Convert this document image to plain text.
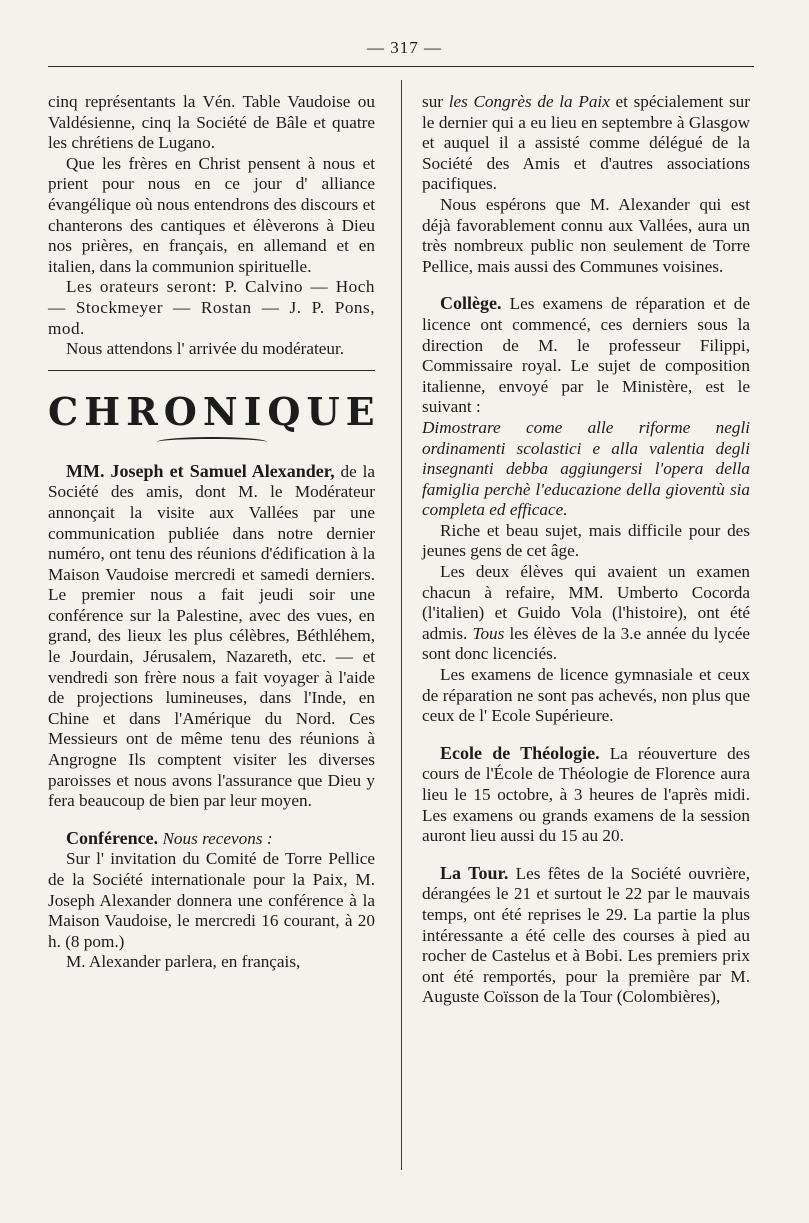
— 317 —

cinq représentants la Vén. Table Vaudoise ou Valdésienne, cinq la Société de Bâle et quatre les chrétiens de Lugano.

Que les frères en Christ pensent à nous et prient pour nous en ce jour d' alliance évangélique où nous entendrons des discours et chanterons des cantiques et élèverons à Dieu nos prières, en français, en allemand et en italien, dans la communion spirituelle.

Les orateurs seront: P. Calvino — Hoch — Stockmeyer — Rostan — J. P. Pons, mod.

Nous attendons l' arrivée du modérateur.

CHRONIQUE

MM. Joseph et Samuel Alexander, de la Société des amis, dont M. le Modérateur annonçait la visite aux Vallées par une communication publiée dans notre dernier numéro, ont tenu des réunions d'édification à la Maison Vaudoise mercredi et samedi derniers. Le premier nous a fait jeudi soir une conférence sur la Palestine, avec des vues, en grand, des lieux les plus célèbres, Béthléhem, le Jourdain, Jérusalem, Nazareth, etc. — et vendredi son frère nous a fait voyager à l'aide de projections lumineuses, dans l'Inde, en Chine et dans l'Amérique du Nord. Ces Messieurs ont de même tenu des réunions à Angrogne Ils comptent visiter les diverses paroisses et nous avons l'assurance que Dieu y fera beaucoup de bien par leur moyen.

Conférence. Nous recevons :

Sur l' invitation du Comité de Torre Pellice de la Société internationale pour la Paix, M. Joseph Alexander donnera une conférence à la Maison Vaudoise, le mercredi 16 courant, à 20 h. (8 pom.)

M. Alexander parlera, en français,

sur les Congrès de la Paix et spécialement sur le dernier qui a eu lieu en septembre à Glasgow et auquel il a assisté comme délégué de la Société des Amis et d'autres associations pacifiques.

Nous espérons que M. Alexander qui est déjà favorablement connu aux Vallées, aura un très nombreux public non seulement de Torre Pellice, mais aussi des Communes voisines.

Collège. Les examens de réparation et de licence ont commencé, ces derniers sous la direction de M. le professeur Filippi, Commissaire royal. Le sujet de composition italienne, envoyé par le Ministère, est le suivant :

Dimostrare come alle riforme negli ordinamenti scolastici e alla valentia degli insegnanti debba aggiungersi l'opera della famiglia perchè l'educazione della gioventù sia completa ed efficace.

Riche et beau sujet, mais difficile pour des jeunes gens de cet âge.

Les deux élèves qui avaient un examen chacun à refaire, MM. Umberto Cocorda (l'italien) et Guido Vola (l'histoire), ont été admis. Tous les élèves de la 3.e année du lycée sont donc licenciés.

Les examens de licence gymnasiale et ceux de réparation ne sont pas achevés, non plus que ceux de l' Ecole Supérieure.

Ecole de Théologie. La réouverture des cours de l'École de Théologie de Florence aura lieu le 15 octobre, à 3 heures de l'après midi. Les examens ou grands examens de la session auront lieu aussi du 15 au 20.

La Tour. Les fêtes de la Société ouvrière, dérangées le 21 et surtout le 22 par le mauvais temps, ont été reprises le 29. La partie la plus intéressante a été celle des courses à pied au rocher de Castelus et à Bobi. Les premiers prix ont été remportés, pour la première par M. Auguste Coïsson de la Tour (Colombières),
